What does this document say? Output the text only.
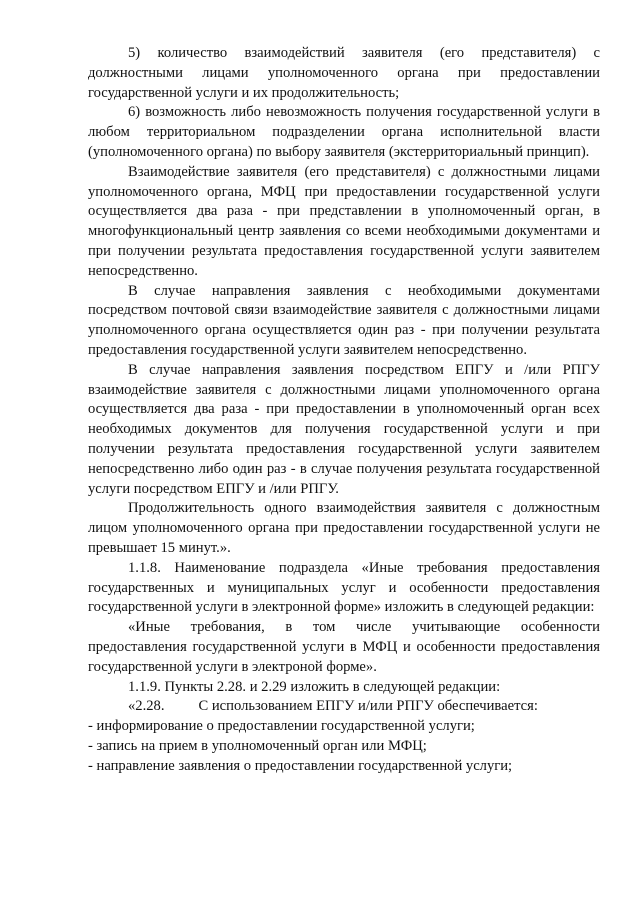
5) количество взаимодействий заявителя (его представителя) с должностными лицами уполномоченного органа при предоставлении государственной услуги и их продолжительность;

6) возможность либо невозможность получения государственной услуги в любом территориальном подразделении органа исполнительной власти (уполномоченного органа) по выбору заявителя (экстерриториальный принцип).

Взаимодействие заявителя (его представителя) с должностными лицами уполномоченного органа, МФЦ при предоставлении государственной услуги осуществляется два раза - при представлении в уполномоченный орган, в многофункциональный центр заявления со всеми необходимыми документами и при получении результата предоставления государственной услуги заявителем непосредственно.

В случае направления заявления с необходимыми документами посредством почтовой связи взаимодействие заявителя с должностными лицами уполномоченного органа осуществляется один раз - при получении результата предоставления государственной услуги заявителем непосредственно.

В случае направления заявления посредством ЕПГУ и /или РПГУ взаимодействие заявителя с должностными лицами уполномоченного органа осуществляется два раза - при предоставлении в уполномоченный орган всех необходимых документов для получения государственной услуги и при получении результата предоставления государственной услуги заявителем непосредственно либо один раз - в случае получения результата государственной услуги посредством ЕПГУ и /или РПГУ.

Продолжительность одного взаимодействия заявителя с должностным лицом уполномоченного органа при предоставлении государственной услуги не превышает 15 минут.».

1.1.8. Наименование подраздела «Иные требования предоставления государственных и муниципальных услуг и особенности предоставления государственной услуги в электронной форме» изложить в следующей редакции:

«Иные требования, в том числе учитывающие особенности предоставления государственной услуги в МФЦ и особенности предоставления государственной услуги в электроной форме».

1.1.9. Пункты 2.28. и 2.29 изложить в следующей редакции:

«2.28. С использованием ЕПГУ и/или РПГУ обеспечивается:

- информирование о предоставлении государственной услуги;

- запись на прием в уполномоченный орган или МФЦ;

- направление заявления о предоставлении государственной услуги;
